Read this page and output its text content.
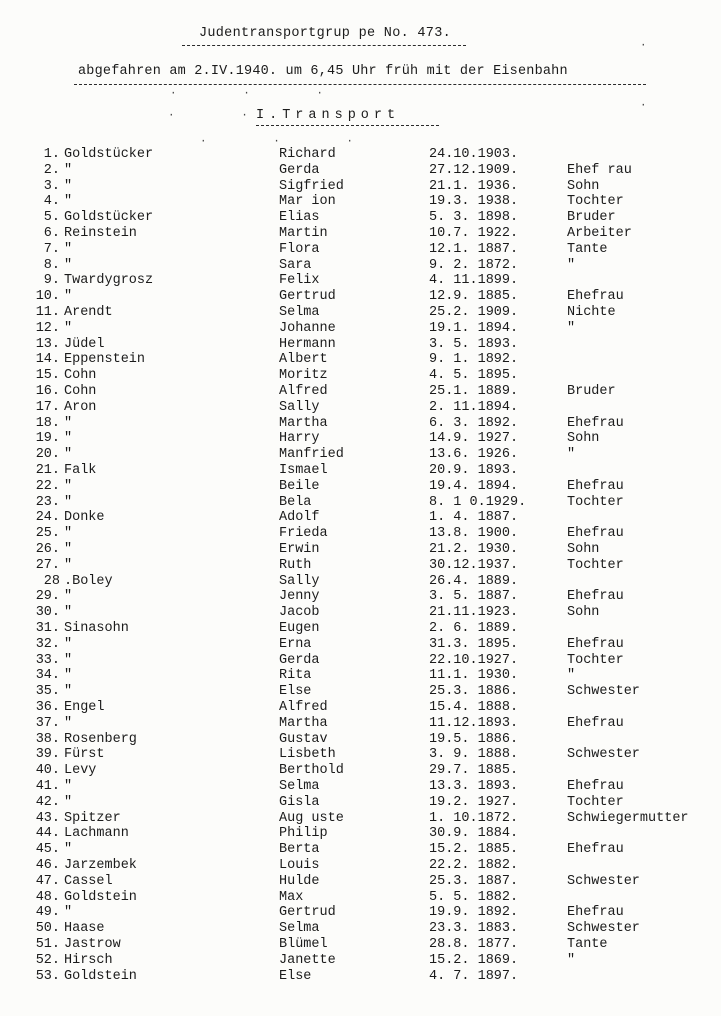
Judentransportgrup pe No. 473.
abgefahren am 2.IV.1940. um 6,45 Uhr früh mit der Eisenbahn
I.Transport
· · ·
· ·
· · ·
·
·
1. Goldstücker	Richard	24.10.1903.
2. "	Gerda	27.12.1909.	Ehef rau
3. "	Sigfried	21.1. 1936.	Sohn
4. "	Mar ion	19.3. 1938.	Tochter
5. Goldstücker	Elias	5. 3. 1898.	Bruder
6. Reinstein	Martin	10.7. 1922.	Arbeiter
7. "	Flora	12.1. 1887.	Tante
8. "	Sara	9. 2. 1872.	"
9. Twardygrosz	Felix	4. 11.1899.
10. "	Gertrud	12.9. 1885.	Ehefrau
11. Arendt	Selma	25.2. 1909.	Nichte
12. "	Johanne	19.1. 1894.	"
13. Jüdel	Hermann	3. 5. 1893.
14. Eppenstein	Albert	9. 1. 1892.
15. Cohn	Moritz	4. 5. 1895.
16. Cohn	Alfred	25.1. 1889.	Bruder
17. Aron	Sally	2. 11.1894.
18. "	Martha	6. 3. 1892.	Ehefrau
19. "	Harry	14.9. 1927.	Sohn
20. "	Manfried	13.6. 1926.	"
21. Falk	Ismael	20.9. 1893.
22. "	Beile	19.4. 1894.	Ehefrau
23. "	Bela	8. 1 0.1929.	Tochter
24. Donke	Adolf	1. 4. 1887.
25. "	Frieda	13.8. 1900.	Ehefrau
26. "	Erwin	21.2. 1930.	Sohn
27. "	Ruth	30.12.1937.	Tochter
28 .Boley	Sally	26.4. 1889.
29. "	Jenny	3. 5. 1887.	Ehefrau
30. "	Jacob	21.11.1923.	Sohn
31. Sinasohn	Eugen	2. 6. 1889.
32. "	Erna	31.3. 1895.	Ehefrau
33. "	Gerda	22.10.1927.	Tochter
34. "	Rita	11.1. 1930.	"
35. "	Else	25.3. 1886.	Schwester
36. Engel	Alfred	15.4. 1888.
37. "	Martha	11.12.1893.	Ehefrau
38. Rosenberg	Gustav	19.5. 1886.
39. Fürst	Lisbeth	3. 9. 1888.	Schwester
40. Levy	Berthold	29.7. 1885.
41. "	Selma	13.3. 1893.	Ehefrau
42. "	Gisla	19.2. 1927.	Tochter
43. Spitzer	Aug uste	1. 10.1872.	Schwiegermutter
44. Lachmann	Philip	30.9. 1884.
45. "	Berta	15.2. 1885.	Ehefrau
46. Jarzembek	Louis	22.2. 1882.
47. Cassel	Hulde	25.3. 1887.	Schwester
48. Goldstein	Max	5. 5. 1882.
49. "	Gertrud	19.9. 1892.	Ehefrau
50. Haase	Selma	23.3. 1883.	Schwester
51. Jastrow	Blümel	28.8. 1877.	Tante
52. Hirsch	Janette	15.2. 1869.	"
53. Goldstein	Else	4. 7. 1897.
